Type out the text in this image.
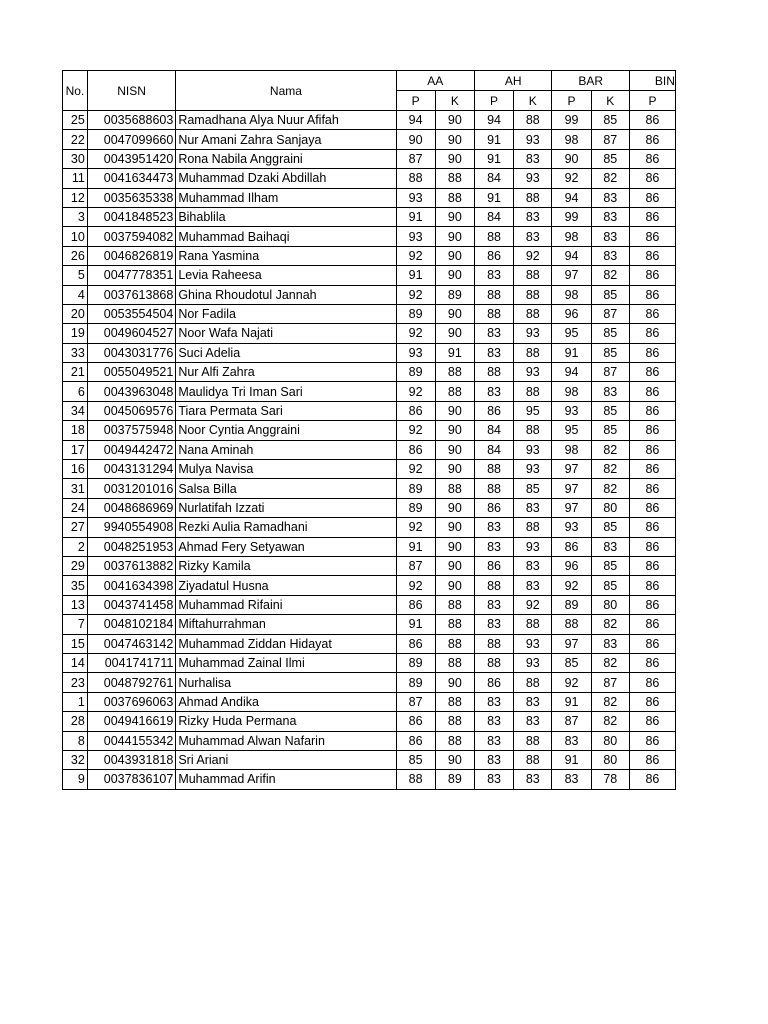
No.	NISN	Nama	AA		AH		BAR		BIN
			P	K	P	K	P	K	P
25	0035688603	Ramadhana Alya Nuur Afifah	94	90	94	88	99	85	86
22	0047099660	Nur Amani Zahra Sanjaya	90	90	91	93	98	87	86
30	0043951420	Rona Nabila Anggraini	87	90	91	83	90	85	86
11	0041634473	Muhammad Dzaki Abdillah	88	88	84	93	92	82	86
12	0035635338	Muhammad Ilham	93	88	91	88	94	83	86
3	0041848523	Bihablila	91	90	84	83	99	83	86
10	0037594082	Muhammad Baihaqi	93	90	88	83	98	83	86
26	0046826819	Rana Yasmina	92	90	86	92	94	83	86
5	0047778351	Levia Raheesa	91	90	83	88	97	82	86
4	0037613868	Ghina Rhoudotul Jannah	92	89	88	88	98	85	86
20	0053554504	Nor Fadila	89	90	88	88	96	87	86
19	0049604527	Noor Wafa Najati	92	90	83	93	95	85	86
33	0043031776	Suci Adelia	93	91	83	88	91	85	86
21	0055049521	Nur Alfi Zahra	89	88	88	93	94	87	86
6	0043963048	Maulidya Tri Iman Sari	92	88	83	88	98	83	86
34	0045069576	Tiara Permata Sari	86	90	86	95	93	85	86
18	0037575948	Noor Cyntia Anggraini	92	90	84	88	95	85	86
17	0049442472	Nana Aminah	86	90	84	93	98	82	86
16	0043131294	Mulya Navisa	92	90	88	93	97	82	86
31	0031201016	Salsa Billa	89	88	88	85	97	82	86
24	0048686969	Nurlatifah Izzati	89	90	86	83	97	80	86
27	9940554908	Rezki Aulia Ramadhani	92	90	83	88	93	85	86
2	0048251953	Ahmad Fery Setyawan	91	90	83	93	86	83	86
29	0037613882	Rizky Kamila	87	90	86	83	96	85	86
35	0041634398	Ziyadatul Husna	92	90	88	83	92	85	86
13	0043741458	Muhammad Rifaini	86	88	83	92	89	80	86
7	0048102184	Miftahurrahman	91	88	83	88	88	82	86
15	0047463142	Muhammad Ziddan Hidayat	86	88	88	93	97	83	86
14	0041741711	Muhammad Zainal Ilmi	89	88	88	93	85	82	86
23	0048792761	Nurhalisa	89	90	86	88	92	87	86
1	0037696063	Ahmad Andika	87	88	83	83	91	82	86
28	0049416619	Rizky Huda Permana	86	88	83	83	87	82	86
8	0044155342	Muhammad Alwan Nafarin	86	88	83	88	83	80	86
32	0043931818	Sri Ariani	85	90	83	88	91	80	86
9	0037836107	Muhammad Arifin	88	89	83	83	83	78	86
